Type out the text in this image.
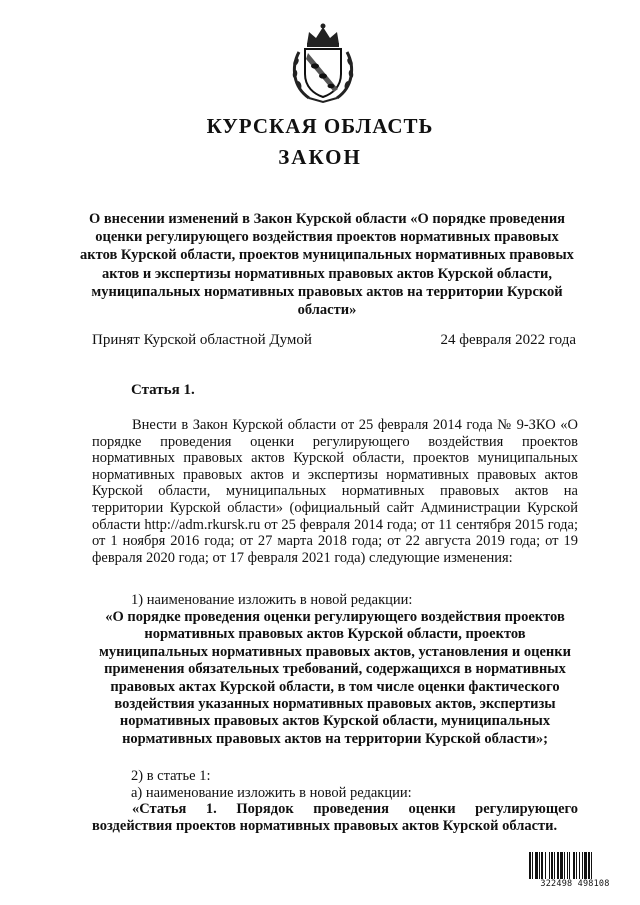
КУРСКАЯ ОБЛАСТЬ
ЗАКОН
О внесении изменений в Закон Курской области «О порядке проведения оценки регулирующего воздействия проектов нормативных правовых актов Курской области, проектов муниципальных нормативных правовых актов и экспертизы нормативных правовых актов Курской области, муниципальных нормативных правовых актов на территории Курской области»
Принят Курской областной Думой	24 февраля 2022 года
Статья 1.
Внести в Закон Курской области от 25 февраля 2014 года № 9-ЗКО «О порядке проведения оценки регулирующего воздействия проектов нормативных правовых актов Курской области, проектов муниципальных нормативных правовых актов и экспертизы нормативных правовых актов Курской области, муниципальных нормативных правовых актов на территории Курской области» (официальный сайт Администрации Курской области http://adm.rkursk.ru от 25 февраля 2014 года; от 11 сентября 2015 года; от 1 ноября 2016 года; от 27 марта 2018 года; от 22 августа 2019 года; от 19 февраля 2020 года; от 17 февраля 2021 года) следующие изменения:
1) наименование изложить в новой редакции:
«О порядке проведения оценки регулирующего воздействия проектов нормативных правовых актов Курской области, проектов муниципальных нормативных правовых актов, установления и оценки применения обязательных требований, содержащихся в нормативных правовых актах Курской области, в том числе оценки фактического воздействия указанных нормативных правовых актов, экспертизы нормативных правовых актов Курской области, муниципальных нормативных правовых актов на территории Курской области»;
2) в статье 1:
а) наименование изложить в новой редакции:
«Статья 1. Порядок проведения оценки регулирующего
воздействия проектов нормативных правовых актов Курской области.
322498 498108
